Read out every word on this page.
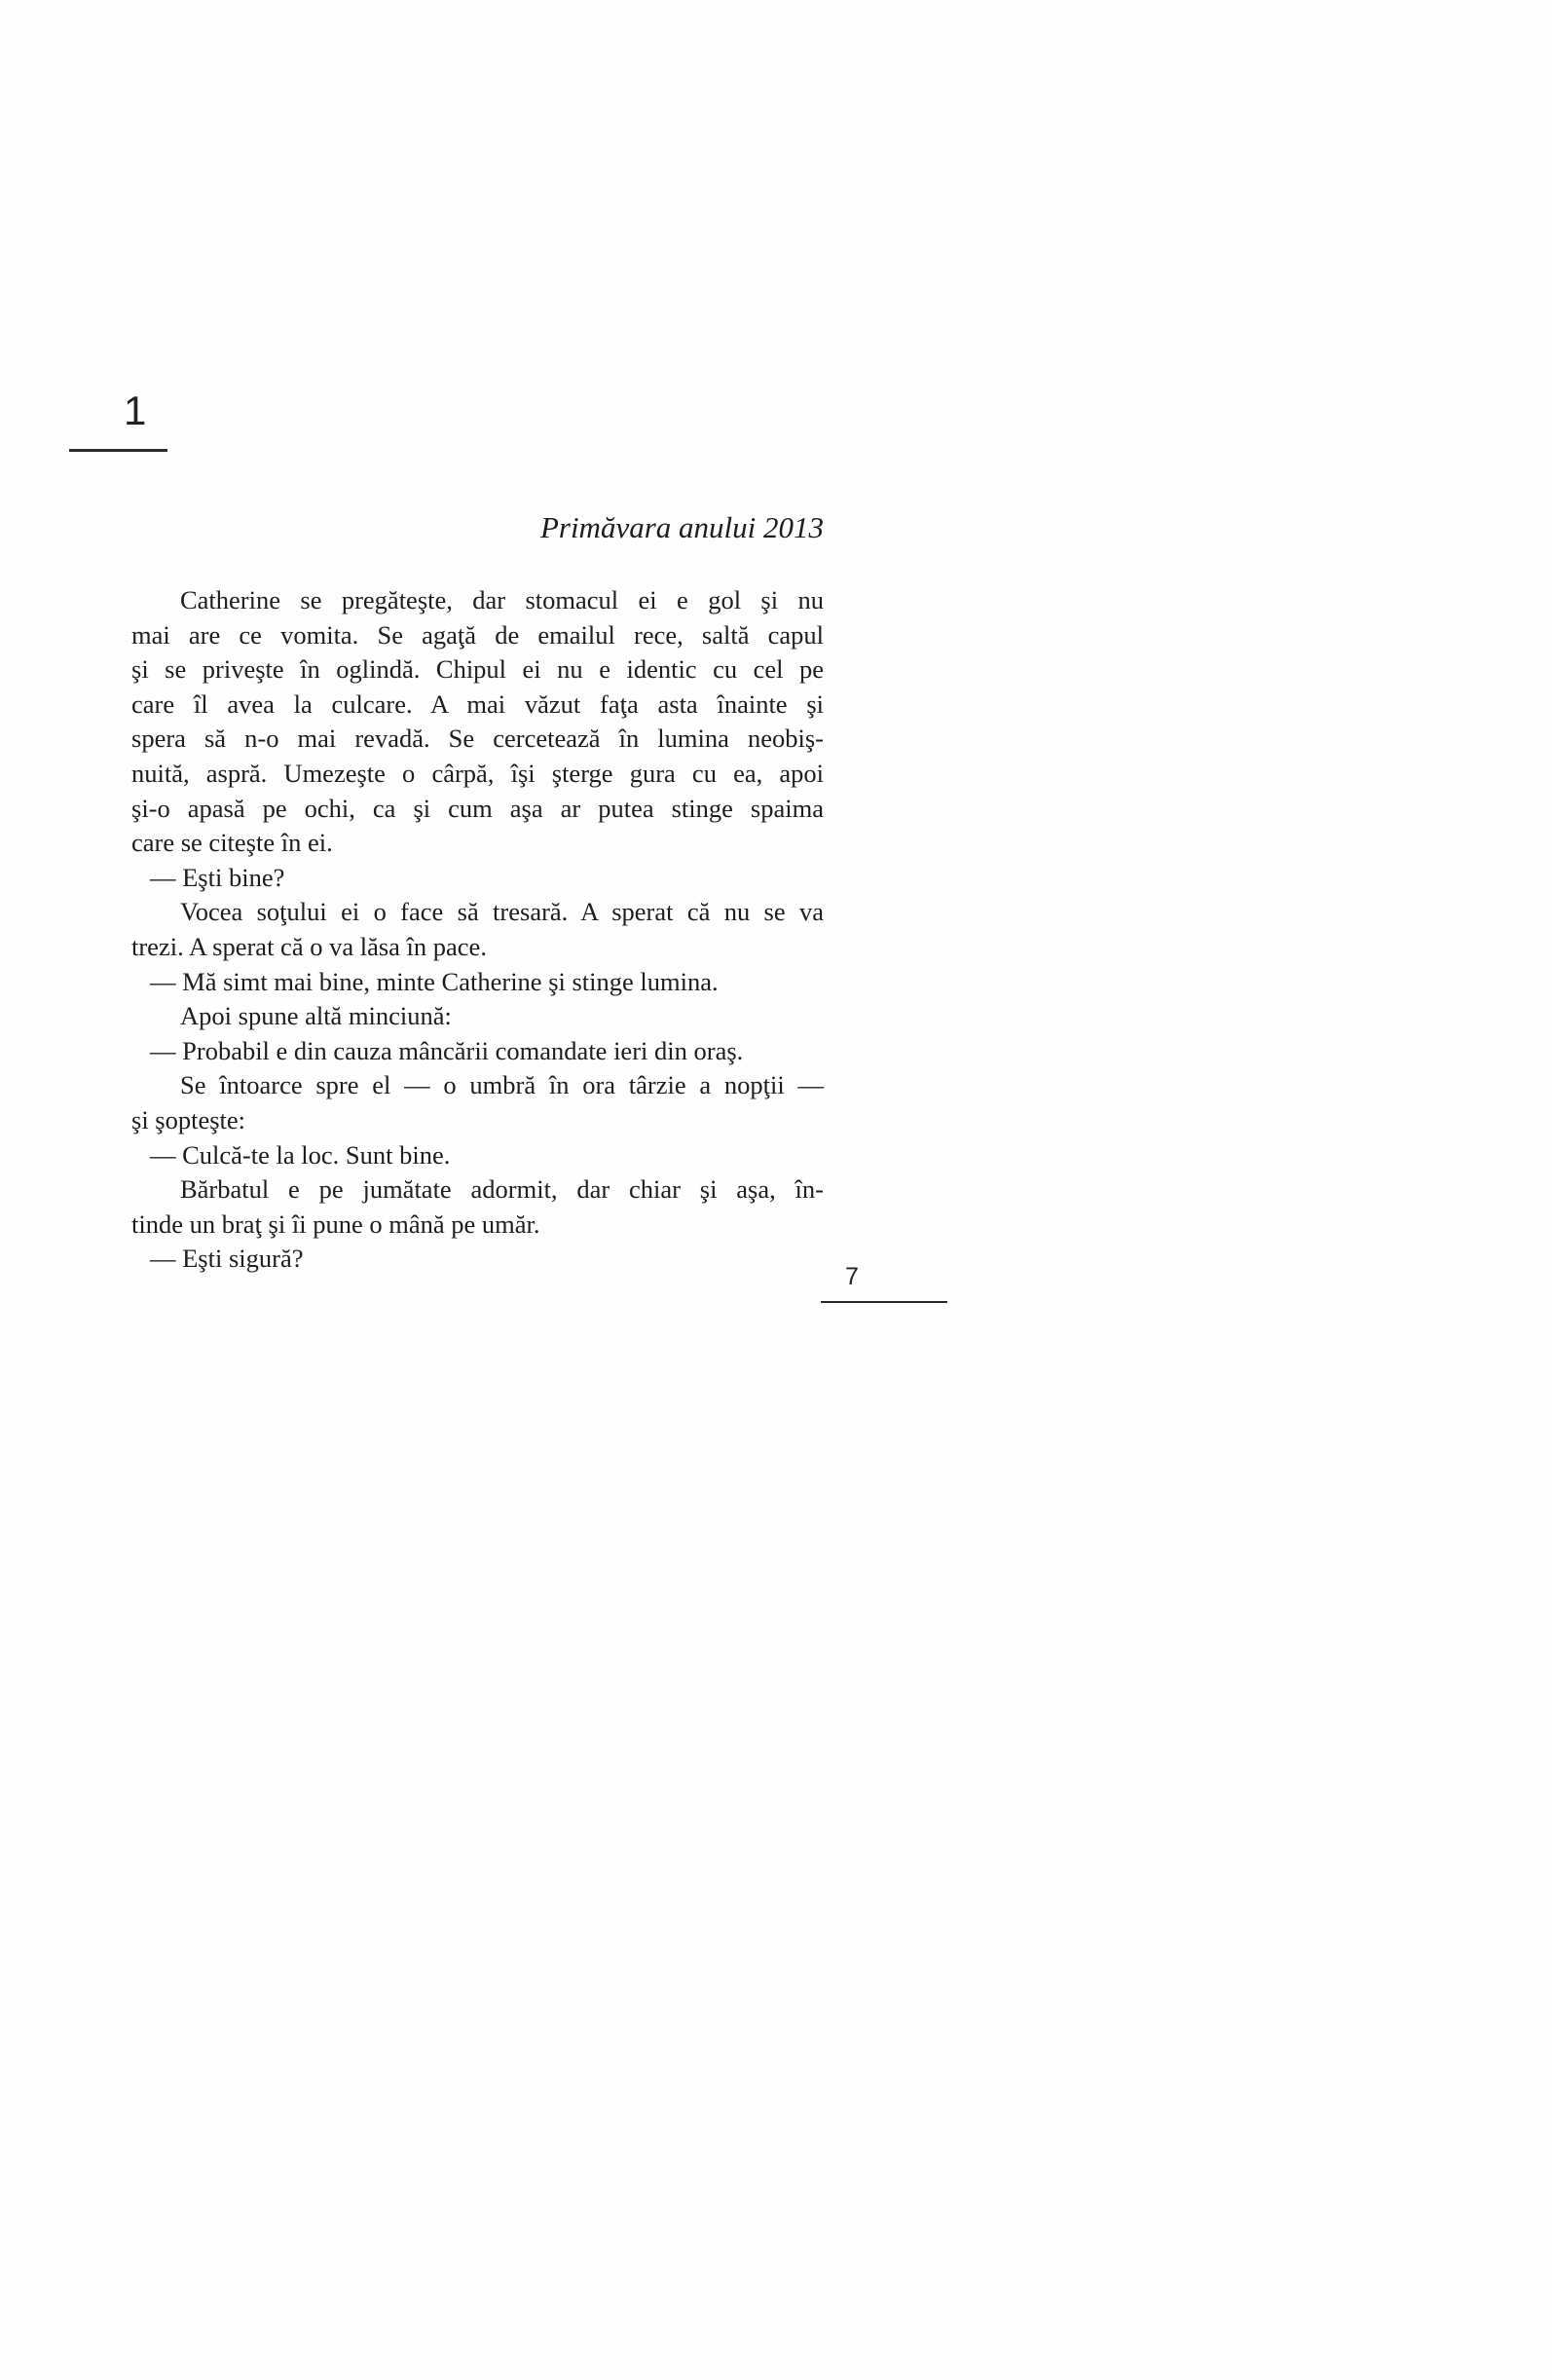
1
Primăvara anului 2013
Catherine se pregăteşte, dar stomacul ei e gol şi nu
mai are ce vomita. Se agaţă de emailul rece, saltă capul
şi se priveşte în oglindă. Chipul ei nu e identic cu cel pe
care îl avea la culcare. A mai văzut faţa asta înainte şi
spera să n-o mai revadă. Se cercetează în lumina neobiş-
nuită, aspră. Umezeşte o cârpă, îşi şterge gura cu ea, apoi
şi-o apasă pe ochi, ca şi cum aşa ar putea stinge spaima
care se citeşte în ei.
— Eşti bine?
Vocea soţului ei o face să tresară. A sperat că nu se va
trezi. A sperat că o va lăsa în pace.
— Mă simt mai bine, minte Catherine şi stinge lumina.
Apoi spune altă minciună:
— Probabil e din cauza mâncării comandate ieri din oraş.
Se întoarce spre el — o umbră în ora târzie a nopţii —
şi şopteşte:
— Culcă-te la loc. Sunt bine.
Bărbatul e pe jumătate adormit, dar chiar şi aşa, în-
tinde un braţ şi îi pune o mână pe umăr.
— Eşti sigură?
7
